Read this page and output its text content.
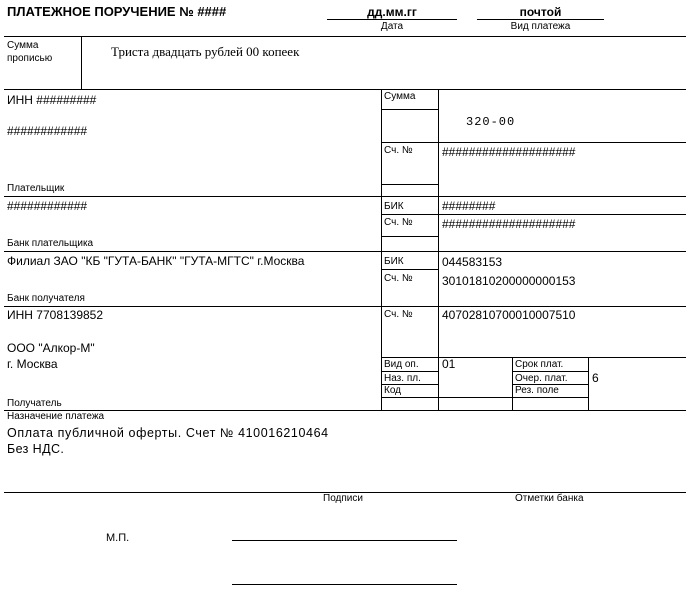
ПЛАТЕЖНОЕ ПОРУЧЕНИЕ № ####	дд.мм.гг
Дата
почтой
Вид платежа
Сумма
прописью	Триста двадцать рублей 00 копеек
ИНН #########
############
Плательщик
Сумма
320-00
Сч. № ####################
############
Банк плательщика
БИК	########
Сч. № ####################
Филиал ЗАО "КБ "ГУТА-БАНК" "ГУТА-МГТС" г.Москва
Банк получателя
БИК	044583153
Сч. № 30101810200000000153
ИНН 7708139852
ООО "Алкор-М"
г. Москва
Получатель
Сч. № 40702810700010007510
Вид оп. 01
Наз. пл.
Код
Срок плат.
Очер. плат. 6
Рез. поле
Назначение платежа
Оплата публичной оферты. Счет № 410016210464
Без НДС.
Подписи	Отметки банка
М.П.
